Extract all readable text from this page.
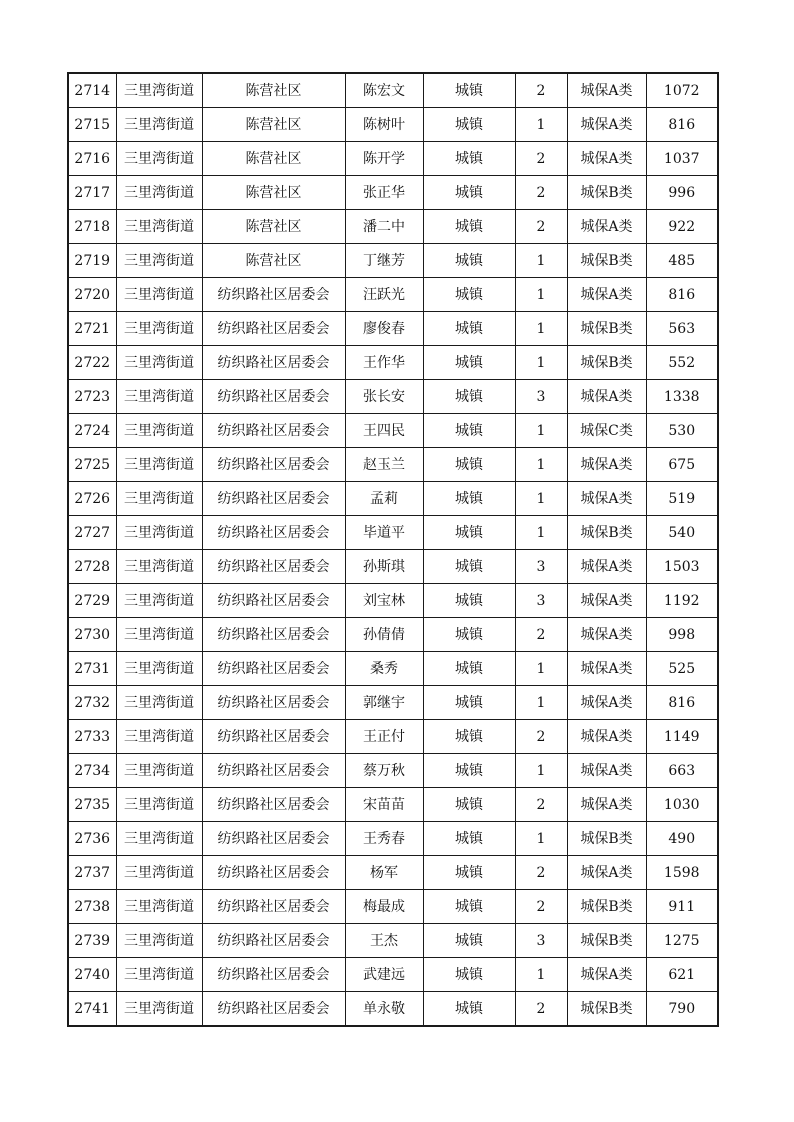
2714	三里湾街道	陈营社区	陈宏文	城镇	2	城保A类	1072
2715	三里湾街道	陈营社区	陈树叶	城镇	1	城保A类	816
2716	三里湾街道	陈营社区	陈开学	城镇	2	城保A类	1037
2717	三里湾街道	陈营社区	张正华	城镇	2	城保B类	996
2718	三里湾街道	陈营社区	潘二中	城镇	2	城保A类	922
2719	三里湾街道	陈营社区	丁继芳	城镇	1	城保B类	485
2720	三里湾街道	纺织路社区居委会	汪跃光	城镇	1	城保A类	816
2721	三里湾街道	纺织路社区居委会	廖俊春	城镇	1	城保B类	563
2722	三里湾街道	纺织路社区居委会	王作华	城镇	1	城保B类	552
2723	三里湾街道	纺织路社区居委会	张长安	城镇	3	城保A类	1338
2724	三里湾街道	纺织路社区居委会	王四民	城镇	1	城保C类	530
2725	三里湾街道	纺织路社区居委会	赵玉兰	城镇	1	城保A类	675
2726	三里湾街道	纺织路社区居委会	孟莉	城镇	1	城保A类	519
2727	三里湾街道	纺织路社区居委会	毕道平	城镇	1	城保B类	540
2728	三里湾街道	纺织路社区居委会	孙斯琪	城镇	3	城保A类	1503
2729	三里湾街道	纺织路社区居委会	刘宝林	城镇	3	城保A类	1192
2730	三里湾街道	纺织路社区居委会	孙倩倩	城镇	2	城保A类	998
2731	三里湾街道	纺织路社区居委会	桑秀	城镇	1	城保A类	525
2732	三里湾街道	纺织路社区居委会	郭继宇	城镇	1	城保A类	816
2733	三里湾街道	纺织路社区居委会	王正付	城镇	2	城保A类	1149
2734	三里湾街道	纺织路社区居委会	蔡万秋	城镇	1	城保A类	663
2735	三里湾街道	纺织路社区居委会	宋苗苗	城镇	2	城保A类	1030
2736	三里湾街道	纺织路社区居委会	王秀春	城镇	1	城保B类	490
2737	三里湾街道	纺织路社区居委会	杨军	城镇	2	城保A类	1598
2738	三里湾街道	纺织路社区居委会	梅最成	城镇	2	城保B类	911
2739	三里湾街道	纺织路社区居委会	王杰	城镇	3	城保B类	1275
2740	三里湾街道	纺织路社区居委会	武建远	城镇	1	城保A类	621
2741	三里湾街道	纺织路社区居委会	单永敬	城镇	2	城保B类	790
